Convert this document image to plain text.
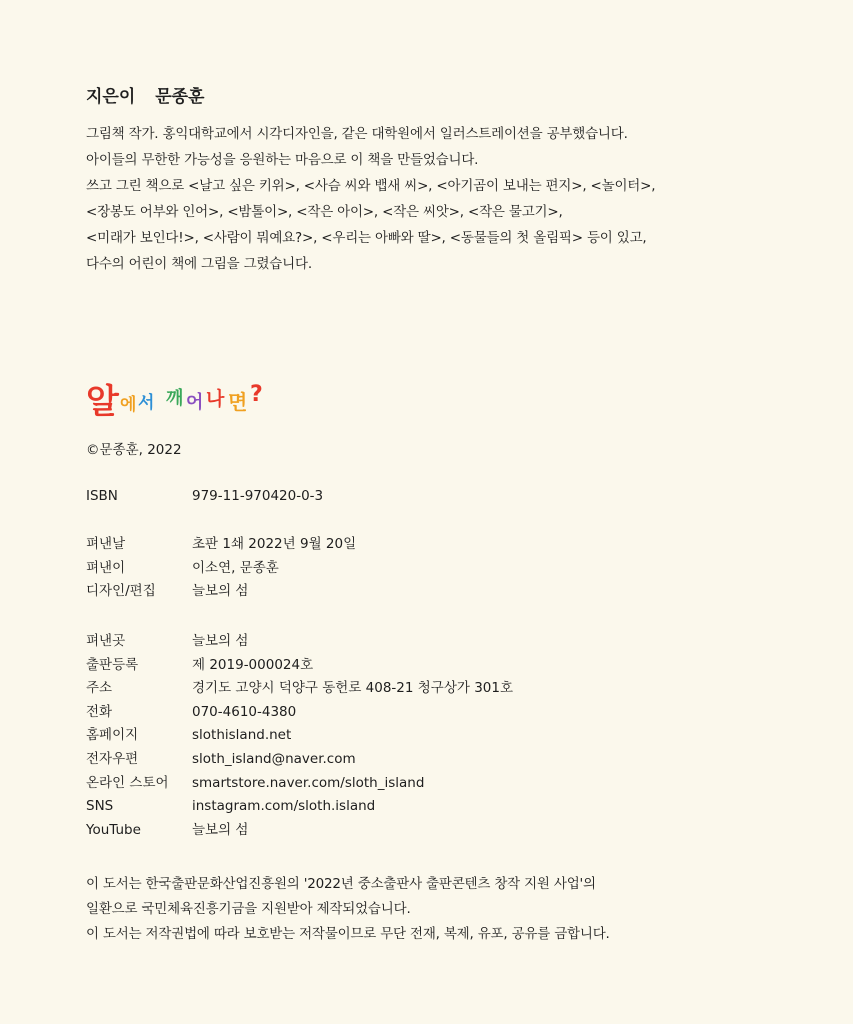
지은이 문종훈
그림책 작가. 홍익대학교에서 시각디자인을, 같은 대학원에서 일러스트레이션을 공부했습니다.
아이들의 무한한 가능성을 응원하는 마음으로 이 책을 만들었습니다.
쓰고 그린 책으로 <날고 싶은 키위>, <사슴 씨와 뱁새 씨>, <아기곰이 보내는 편지>, <놀이터>,
<장봉도 어부와 인어>, <밤톨이>, <작은 아이>, <작은 씨앗>, <작은 물고기>,
<미래가 보인다!>, <사람이 뭐예요?>, <우리는 아빠와 딸>, <동물들의 첫 올림픽> 등이 있고,
다수의 어린이 책에 그림을 그렸습니다.
알 에 서 깨 어 나 면 ?
©문종훈, 2022
ISBN	979-11-970420-0-3
펴낸날	초판 1쇄 2022년 9월 20일
펴낸이	이소연, 문종훈
디자인/편집	늘보의 섬
펴낸곳	늘보의 섬
출판등록	제 2019-000024호
주소	경기도 고양시 덕양구 동헌로 408-21 청구상가 301호
전화	070-4610-4380
홈페이지	slothisland.net
전자우편	sloth_island@naver.com
온라인 스토어	smartstore.naver.com/sloth_island
SNS	instagram.com/sloth.island
YouTube	늘보의 섬
이 도서는 한국출판문화산업진흥원의 '2022년 중소출판사 출판콘텐츠 창작 지원 사업'의
일환으로 국민체육진흥기금을 지원받아 제작되었습니다.
이 도서는 저작권법에 따라 보호받는 저작물이므로 무단 전재, 복제, 유포, 공유를 금합니다.
